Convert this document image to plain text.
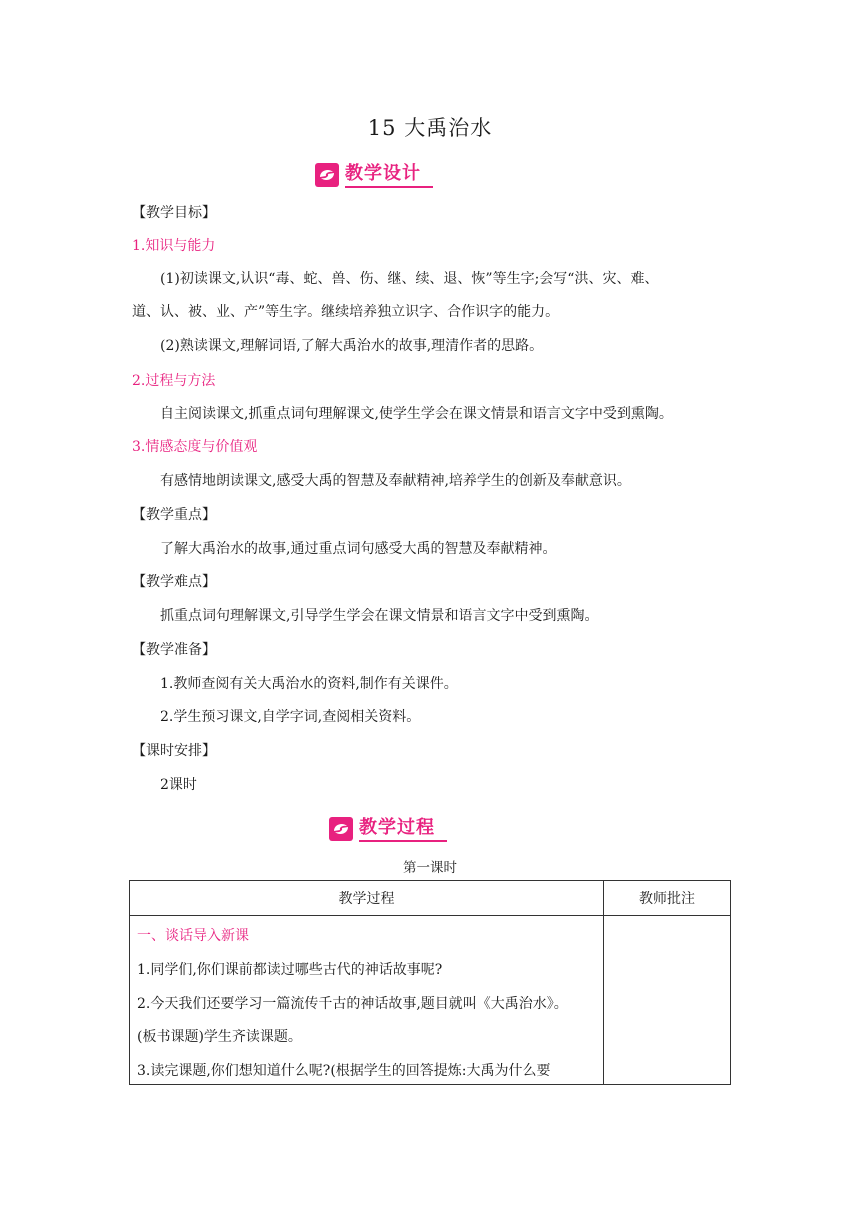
15 大禹治水
教学设计
【教学目标】
1.知识与能力
(1)初读课文,认识“毒、蛇、兽、伤、继、续、退、恢”等生字;会写“洪、灾、难、
道、认、被、业、产”等生字。继续培养独立识字、合作识字的能力。
(2)熟读课文,理解词语,了解大禹治水的故事,理清作者的思路。
2.过程与方法
自主阅读课文,抓重点词句理解课文,使学生学会在课文情景和语言文字中受到熏陶。
3.情感态度与价值观
有感情地朗读课文,感受大禹的智慧及奉献精神,培养学生的创新及奉献意识。
【教学重点】
了解大禹治水的故事,通过重点词句感受大禹的智慧及奉献精神。
【教学难点】
抓重点词句理解课文,引导学生学会在课文情景和语言文字中受到熏陶。
【教学准备】
1.教师查阅有关大禹治水的资料,制作有关课件。
2.学生预习课文,自学字词,查阅相关资料。
【课时安排】
2课时
教学过程
第一课时
教学过程	教师批注

一、谈话导入新课
1.同学们,你们课前都读过哪些古代的神话故事呢?
2.今天我们还要学习一篇流传千古的神话故事,题目就叫《大禹治水》。
(板书课题)学生齐读课题。
3.读完课题,你们想知道什么呢?(根据学生的回答提炼:大禹为什么要	
